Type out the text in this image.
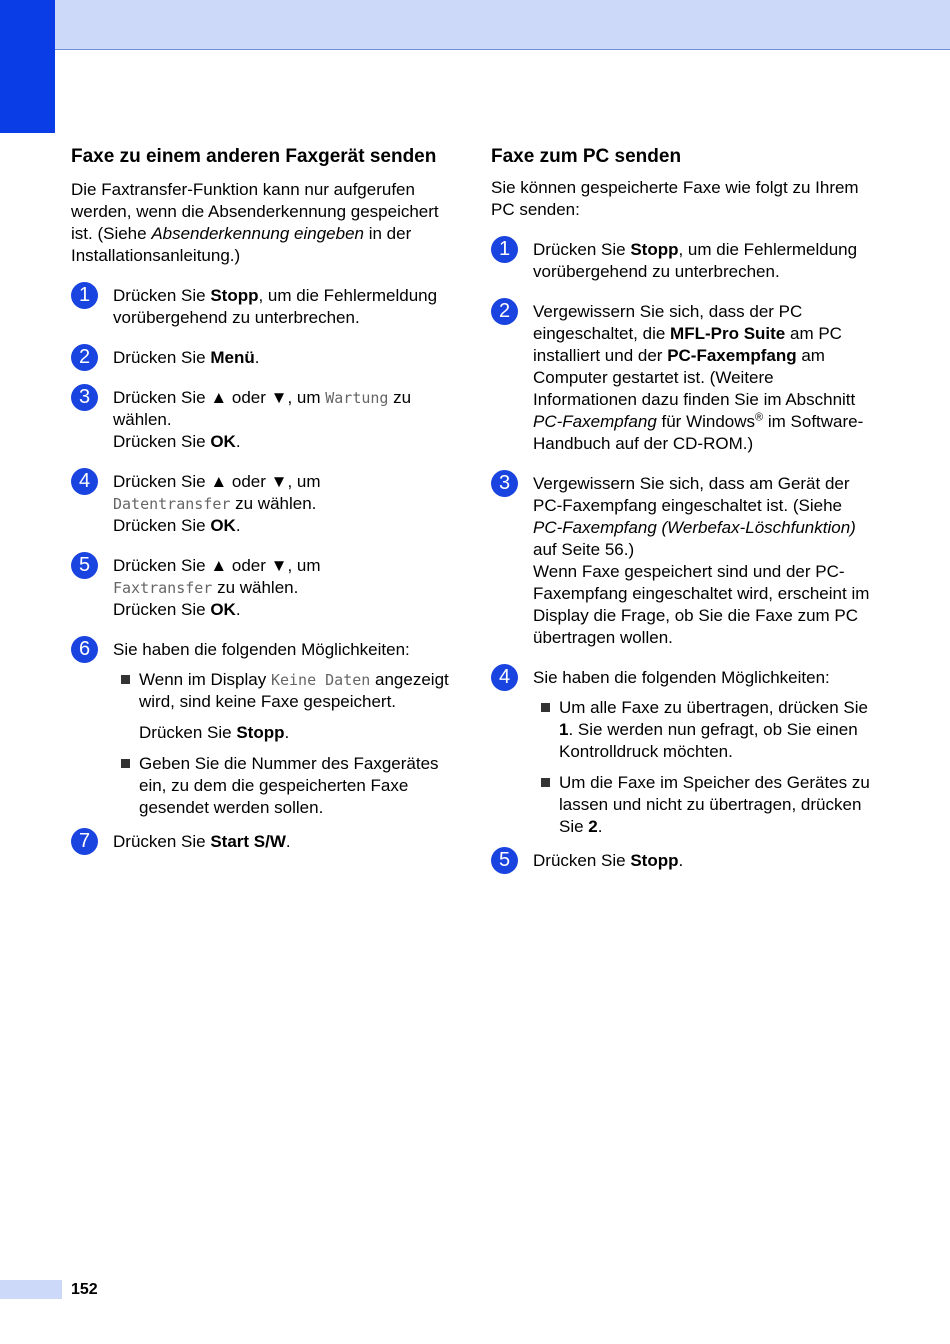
Faxe zu einem anderen Faxgerät senden

Die Faxtransfer-Funktion kann nur aufgerufen werden, wenn die Absenderkennung gespeichert ist. (Siehe Absenderkennung eingeben in der Installationsanleitung.)

1	Drücken Sie Stopp, um die Fehlermeldung vorübergehend zu unterbrechen.

2	Drücken Sie Menü.

3	Drücken Sie ▲ oder ▼, um Wartung zu wählen.

Drücken Sie OK.

4	Drücken Sie ▲ oder ▼, um
Datentransfer zu wählen.

Drücken Sie OK.

5	Drücken Sie ▲ oder ▼, um
Faxtransfer zu wählen.

Drücken Sie OK.

6	Sie haben die folgenden Möglichkeiten:

Wenn im Display Keine Daten angezeigt wird, sind keine Faxe gespeichert.

Drücken Sie Stopp.

Geben Sie die Nummer des Faxgerätes ein, zu dem die gespeicherten Faxe gesendet werden sollen.

7	Drücken Sie Start S/W.

Faxe zum PC senden

Sie können gespeicherte Faxe wie folgt zu Ihrem PC senden:

1	Drücken Sie Stopp, um die Fehlermeldung vorübergehend zu unterbrechen.

2	Vergewissern Sie sich, dass der PC eingeschaltet, die MFL-Pro Suite am PC installiert und der PC-Faxempfang am Computer gestartet ist. (Weitere Informationen dazu finden Sie im Abschnitt PC-Faxempfang für Windows® im Software-Handbuch auf der CD-ROM.)

3	Vergewissern Sie sich, dass am Gerät der PC-Faxempfang eingeschaltet ist. (Siehe PC-Faxempfang (Werbefax-Löschfunktion) auf Seite 56.)

Wenn Faxe gespeichert sind und der PC-Faxempfang eingeschaltet wird, erscheint im Display die Frage, ob Sie die Faxe zum PC übertragen wollen.

4	Sie haben die folgenden Möglichkeiten:

Um alle Faxe zu übertragen, drücken Sie 1. Sie werden nun gefragt, ob Sie einen Kontrolldruck möchten.

Um die Faxe im Speicher des Gerätes zu lassen und nicht zu übertragen, drücken Sie 2.

5	Drücken Sie Stopp.

152
